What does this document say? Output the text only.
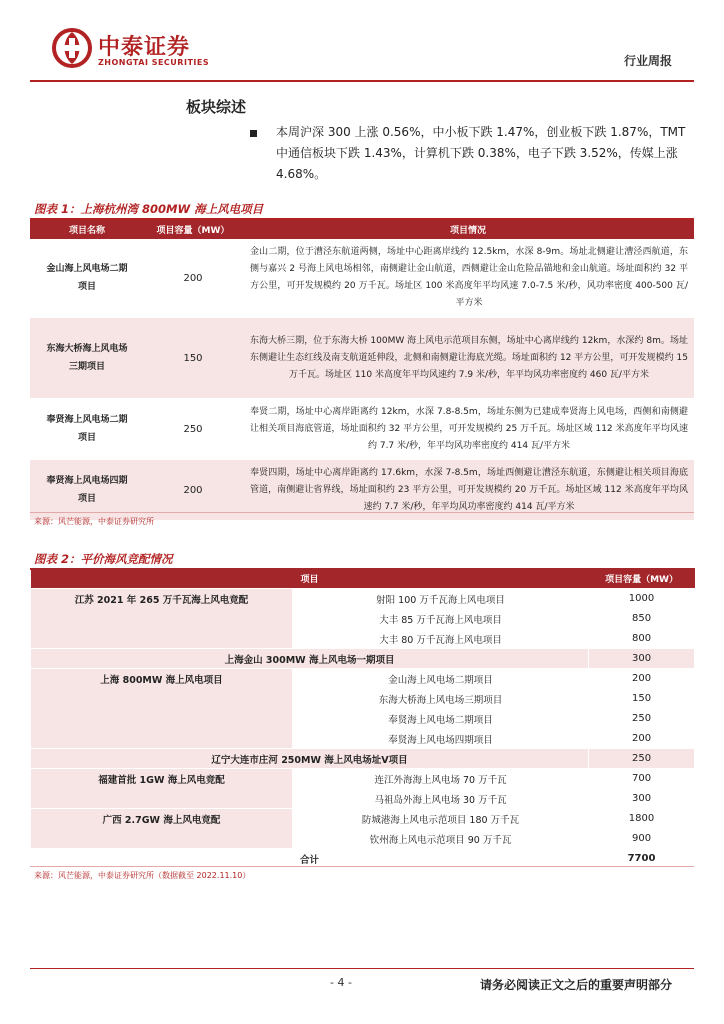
中泰证券
ZHONGTAI SECURITIES	行业周报
板块综述
本周沪深 300 上涨 0.56%，中小板下跌 1.47%，创业板下跌 1.87%，TMT 中通信板块下跌 1.43%，计算机下跌 0.38%，电子下跌 3.52%，传媒上涨 4.68%。
图表 1：上海杭州湾 800MW 海上风电项目
项目名称	项目容量（MW）	项目情况

金山海上风电场二期项目	200	金山二期，位于漕泾东航道两侧，场址中心距离岸线约 12.5km，水深 8-9m。场址北侧避让漕泾西航道，东侧与嘉兴 2 号海上风电场相邻，南侧避让金山航道，西侧避让金山危险品锚地和金山航道。场址面积约 32 平方公里，可开发规模约 20 万千瓦。场址区 100 米高度年平均风速 7.0-7.5 米/秒，风功率密度 400-500 瓦/平方米

东海大桥海上风电场三期项目	150	东海大桥三期，位于东海大桥 100MW 海上风电示范项目东侧，场址中心离岸线约 12km，水深约 8m。场址东侧避让生态红线及南支航道延伸段，北侧和南侧避让海底光缆。场址面积约 12 平方公里，可开发规模约 15 万千瓦。场址区 110 米高度年平均风速约 7.9 米/秒，年平均风功率密度约 460 瓦/平方米

奉贤海上风电场二期项目	250	奉贤二期，场址中心离岸距离约 12km，水深 7.8-8.5m，场址东侧为已建成奉贤海上风电场，西侧和南侧避让相关项目海底管道，场址面积约 32 平方公里，可开发规模约 25 万千瓦。场址区域 112 米高度年平均风速约 7.7 米/秒，年平均风功率密度约 414 瓦/平方米

奉贤海上风电场四期项目	200	奉贤四期，场址中心离岸距离约 17.6km，水深 7-8.5m，场址西侧避让漕泾东航道，东侧避让相关项目海底管道，南侧避让省界线，场址面积约 23 平方公里，可开发规模约 20 万千瓦。场址区域 112 米高度年平均风速约 7.7 米/秒，年平均风功率密度约 414 瓦/平方米
来源：风芒能源，中泰证券研究所
图表 2：平价海风竞配情况
项目		项目容量（MW）
江苏 2021 年 265 万千瓦海上风电竞配	射阳 100 万千瓦海上风电项目	1000
	大丰 85 万千瓦海上风电项目	850
	大丰 80 万千瓦海上风电项目	800
上海金山 300MW 海上风电场一期项目		300
上海 800MW 海上风电项目	金山海上风电场二期项目	200
	东海大桥海上风电场三期项目	150
	奉贤海上风电场二期项目	250
	奉贤海上风电场四期项目	200
辽宁大连市庄河 250MW 海上风电场址Ⅴ项目		250
福建首批 1GW 海上风电竞配	连江外海海上风电场 70 万千瓦	700
	马祖岛外海上风电场 30 万千瓦	300
广西 2.7GW 海上风电竞配	防城港海上风电示范项目 180 万千瓦	1800
	钦州海上风电示范项目 90 万千瓦	900
合计		7700
来源：风芒能源，中泰证券研究所（数据截至 2022.11.10）
- 4 -	请务必阅读正文之后的重要声明部分
